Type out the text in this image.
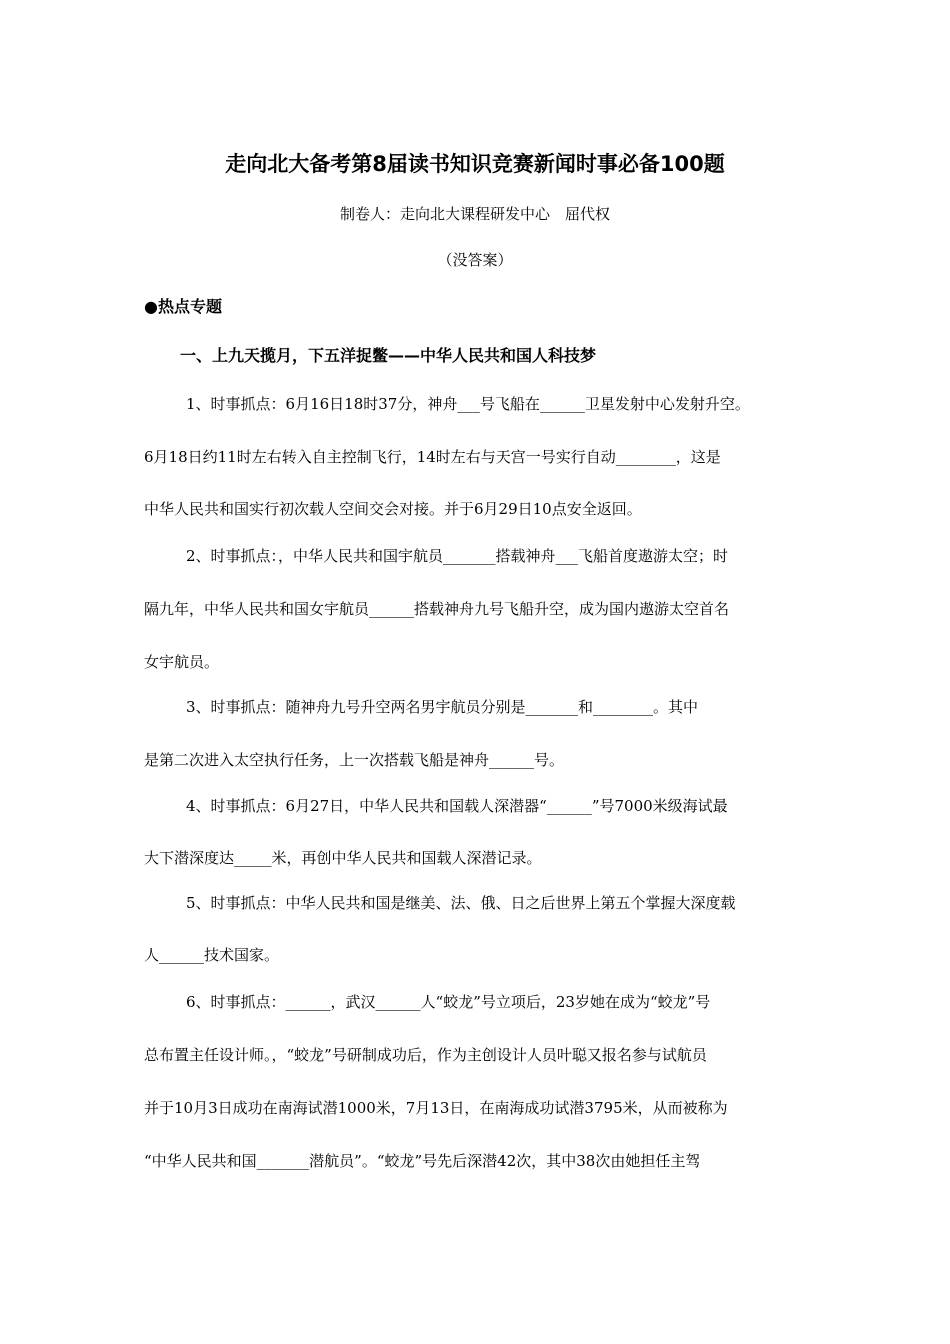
走向北大备考第8届读书知识竞赛新闻时事必备100题
制卷人：走向北大课程研发中心　屈代权
（没答案）
●热点专题
一、上九天揽月，下五洋捉鳖——中华人民共和国人科技梦
1、时事抓点：6月16日18时37分，神舟___号飞船在______卫星发射中心发射升空。
6月18日约11时左右转入自主控制飞行，14时左右与天宫一号实行自动________，这是
中华人民共和国实行初次载人空间交会对接。并于6月29日10点安全返回。
2、时事抓点：，中华人民共和国宇航员_______搭载神舟___飞船首度遨游太空；时
隔九年，中华人民共和国女宇航员______搭载神舟九号飞船升空，成为国内遨游太空首名
女宇航员。
3、时事抓点：随神舟九号升空两名男宇航员分别是_______和________。其中
是第二次进入太空执行任务，上一次搭载飞船是神舟______号。
4、时事抓点：6月27日，中华人民共和国载人深潜器“______”号7000米级海试最
大下潜深度达_____米，再创中华人民共和国载人深潜记录。
5、时事抓点：中华人民共和国是继美、法、俄、日之后世界上第五个掌握大深度载
人______技术国家。
6、时事抓点：______，武汉______人“蛟龙”号立项后，23岁她在成为“蛟龙”号
总布置主任设计师。，“蛟龙”号研制成功后，作为主创设计人员叶聪又报名参与试航员
并于10月3日成功在南海试潜1000米，7月13日，在南海成功试潜3795米，从而被称为
“中华人民共和国_______潜航员”。“蛟龙”号先后深潜42次，其中38次由她担任主驾
